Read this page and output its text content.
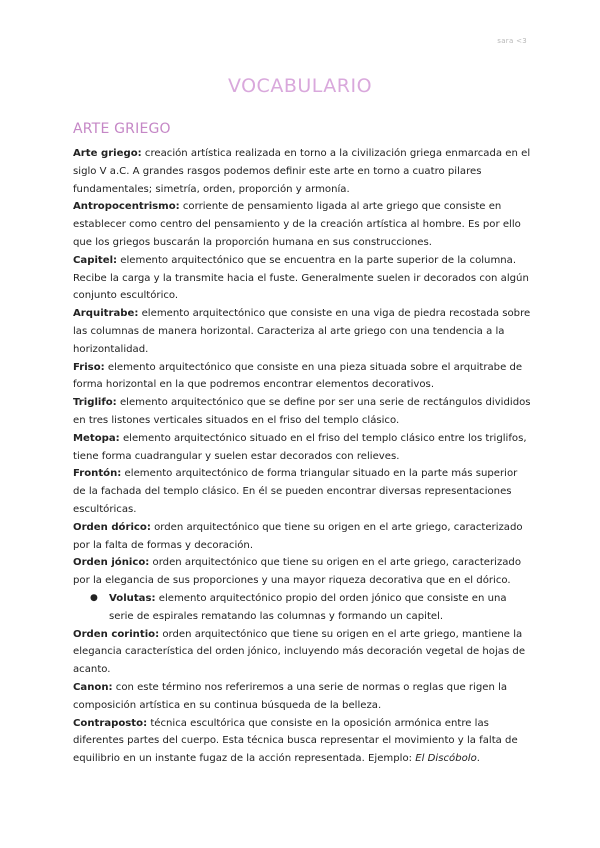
sara <3
VOCABULARIO
ARTE GRIEGO

Arte griego: creación artística realizada en torno a la civilización griega enmarcada en el siglo V a.C. A grandes rasgos podemos definir este arte en torno a cuatro pilares fundamentales; simetría, orden, proporción y armonía.

Antropocentrismo: corriente de pensamiento ligada al arte griego que consiste en establecer como centro del pensamiento y de la creación artística al hombre. Es por ello que los griegos buscarán la proporción humana en sus construcciones.

Capitel: elemento arquitectónico que se encuentra en la parte superior de la columna. Recibe la carga y la transmite hacia el fuste. Generalmente suelen ir decorados con algún conjunto escultórico.

Arquitrabe: elemento arquitectónico que consiste en una viga de piedra recostada sobre las columnas de manera horizontal. Caracteriza al arte griego con una tendencia a la horizontalidad.

Friso: elemento arquitectónico que consiste en una pieza situada sobre el arquitrabe de forma horizontal en la que podremos encontrar elementos decorativos.

Triglifo: elemento arquitectónico que se define por ser una serie de rectángulos divididos en tres listones verticales situados en el friso del templo clásico.

Metopa: elemento arquitectónico situado en el friso del templo clásico entre los triglifos, tiene forma cuadrangular y suelen estar decorados con relieves.

Frontón: elemento arquitectónico de forma triangular situado en la parte más superior de la fachada del templo clásico. En él se pueden encontrar diversas representaciones escultóricas.

Orden dórico: orden arquitectónico que tiene su origen en el arte griego, caracterizado por la falta de formas y decoración.

Orden jónico: orden arquitectónico que tiene su origen en el arte griego, caracterizado por la elegancia de sus proporciones y una mayor riqueza decorativa que en el dórico.

● Volutas: elemento arquitectónico propio del orden jónico que consiste en una serie de espirales rematando las columnas y formando un capitel.

Orden corintio: orden arquitectónico que tiene su origen en el arte griego, mantiene la elegancia característica del orden jónico, incluyendo más decoración vegetal de hojas de acanto.

Canon: con este término nos referiremos a una serie de normas o reglas que rigen la composición artística en su continua búsqueda de la belleza.

Contraposto: técnica escultórica que consiste en la oposición armónica entre las diferentes partes del cuerpo. Esta técnica busca representar el movimiento y la falta de equilibrio en un instante fugaz de la acción representada. Ejemplo: El Discóbolo.
